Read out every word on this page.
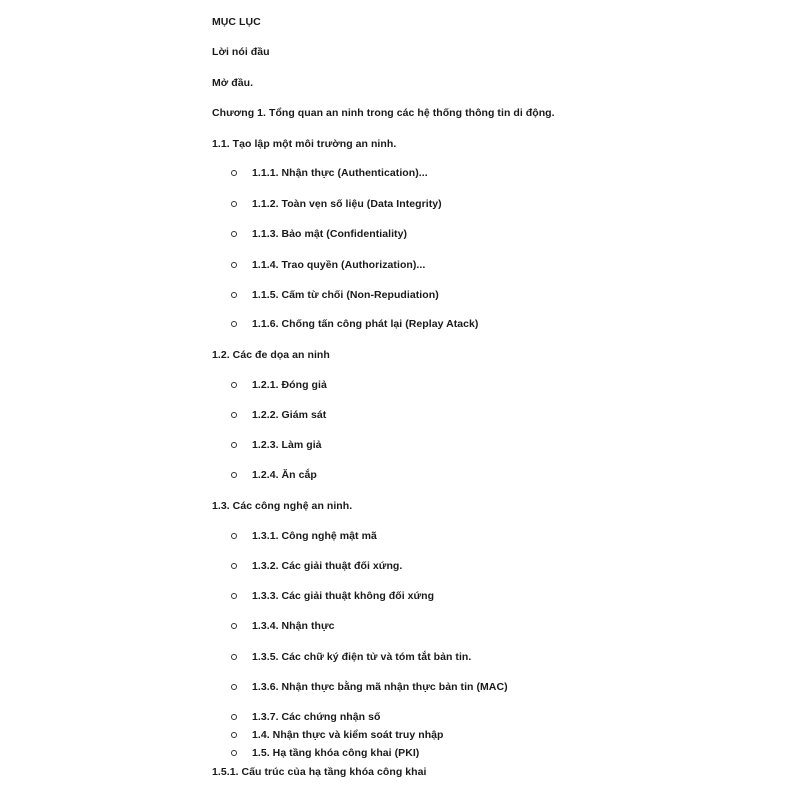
MỤC LỤC
Lời nói đầu
Mở đầu.
Chương 1. Tổng quan an ninh trong các hệ thống thông tin di động.
1.1. Tạo lập một môi trường an ninh.
1.1.1. Nhận thực (Authentication)...
1.1.2. Toàn vẹn số liệu (Data Integrity)
1.1.3. Bảo mật (Confidentiality)
1.1.4. Trao quyền (Authorization)...
1.1.5. Cấm từ chối (Non-Repudiation)
1.1.6. Chống tấn công phát lại (Replay Atack)
1.2. Các đe dọa an ninh
1.2.1. Đóng giả
1.2.2. Giám sát
1.2.3. Làm giả
1.2.4. Ăn cắp
1.3. Các công nghệ an ninh.
1.3.1. Công nghệ mật mã
1.3.2. Các giải thuật đối xứng.
1.3.3. Các giải thuật không đối xứng
1.3.4. Nhận thực
1.3.5. Các chữ ký điện tử và tóm tắt bản tin.
1.3.6. Nhận thực bằng mã nhận thực bản tin (MAC)
1.3.7. Các chứng nhận số
1.4. Nhận thực và kiểm soát truy nhập
1.5. Hạ tầng khóa công khai (PKI)
1.5.1. Cấu trúc của hạ tầng khóa công khai
